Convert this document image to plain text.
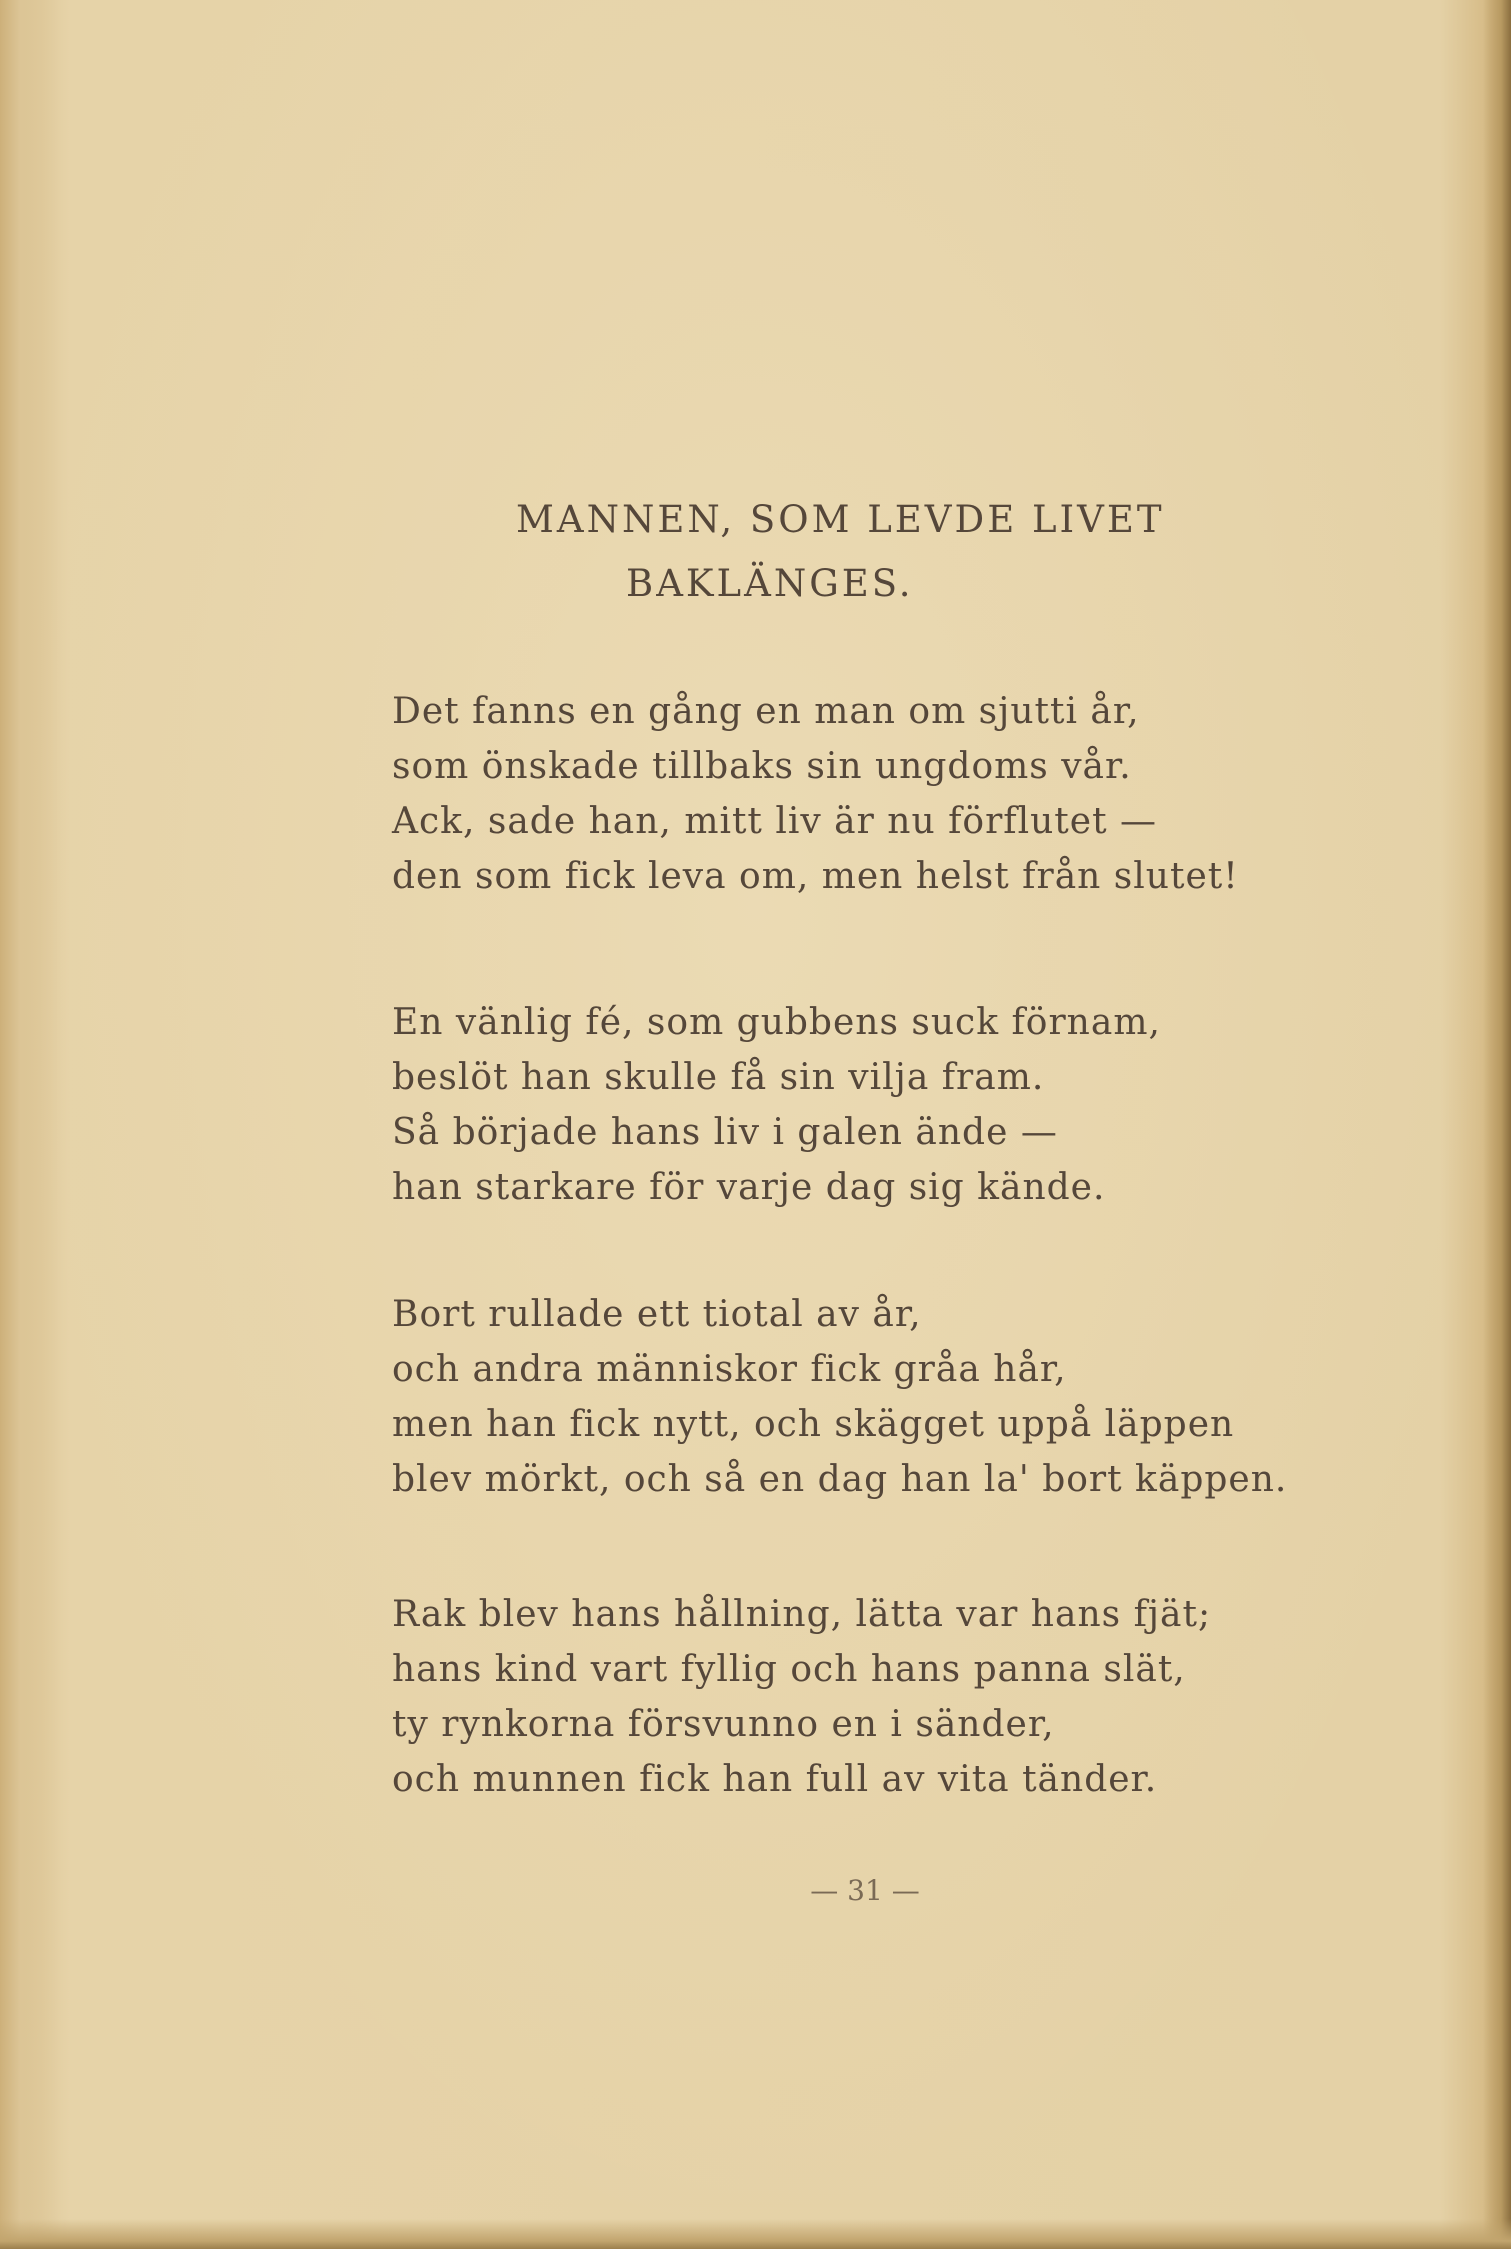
MANNEN, SOM LEVDE LIVET
BAKLÄNGES.
Det fanns en gång en man om sjutti år,
som önskade tillbaks sin ungdoms vår.
Ack, sade han, mitt liv är nu förflutet —
den som fick leva om, men helst från slutet!
En vänlig fé, som gubbens suck förnam,
beslöt han skulle få sin vilja fram.
Så började hans liv i galen ände —
han starkare för varje dag sig kände.
Bort rullade ett tiotal av år,
och andra människor fick gråa hår,
men han fick nytt, och skägget uppå läppen
blev mörkt, och så en dag han la' bort käppen.
Rak blev hans hållning, lätta var hans fjät;
hans kind vart fyllig och hans panna slät,
ty rynkorna försvunno en i sänder,
och munnen fick han full av vita tänder.
— 31 —
